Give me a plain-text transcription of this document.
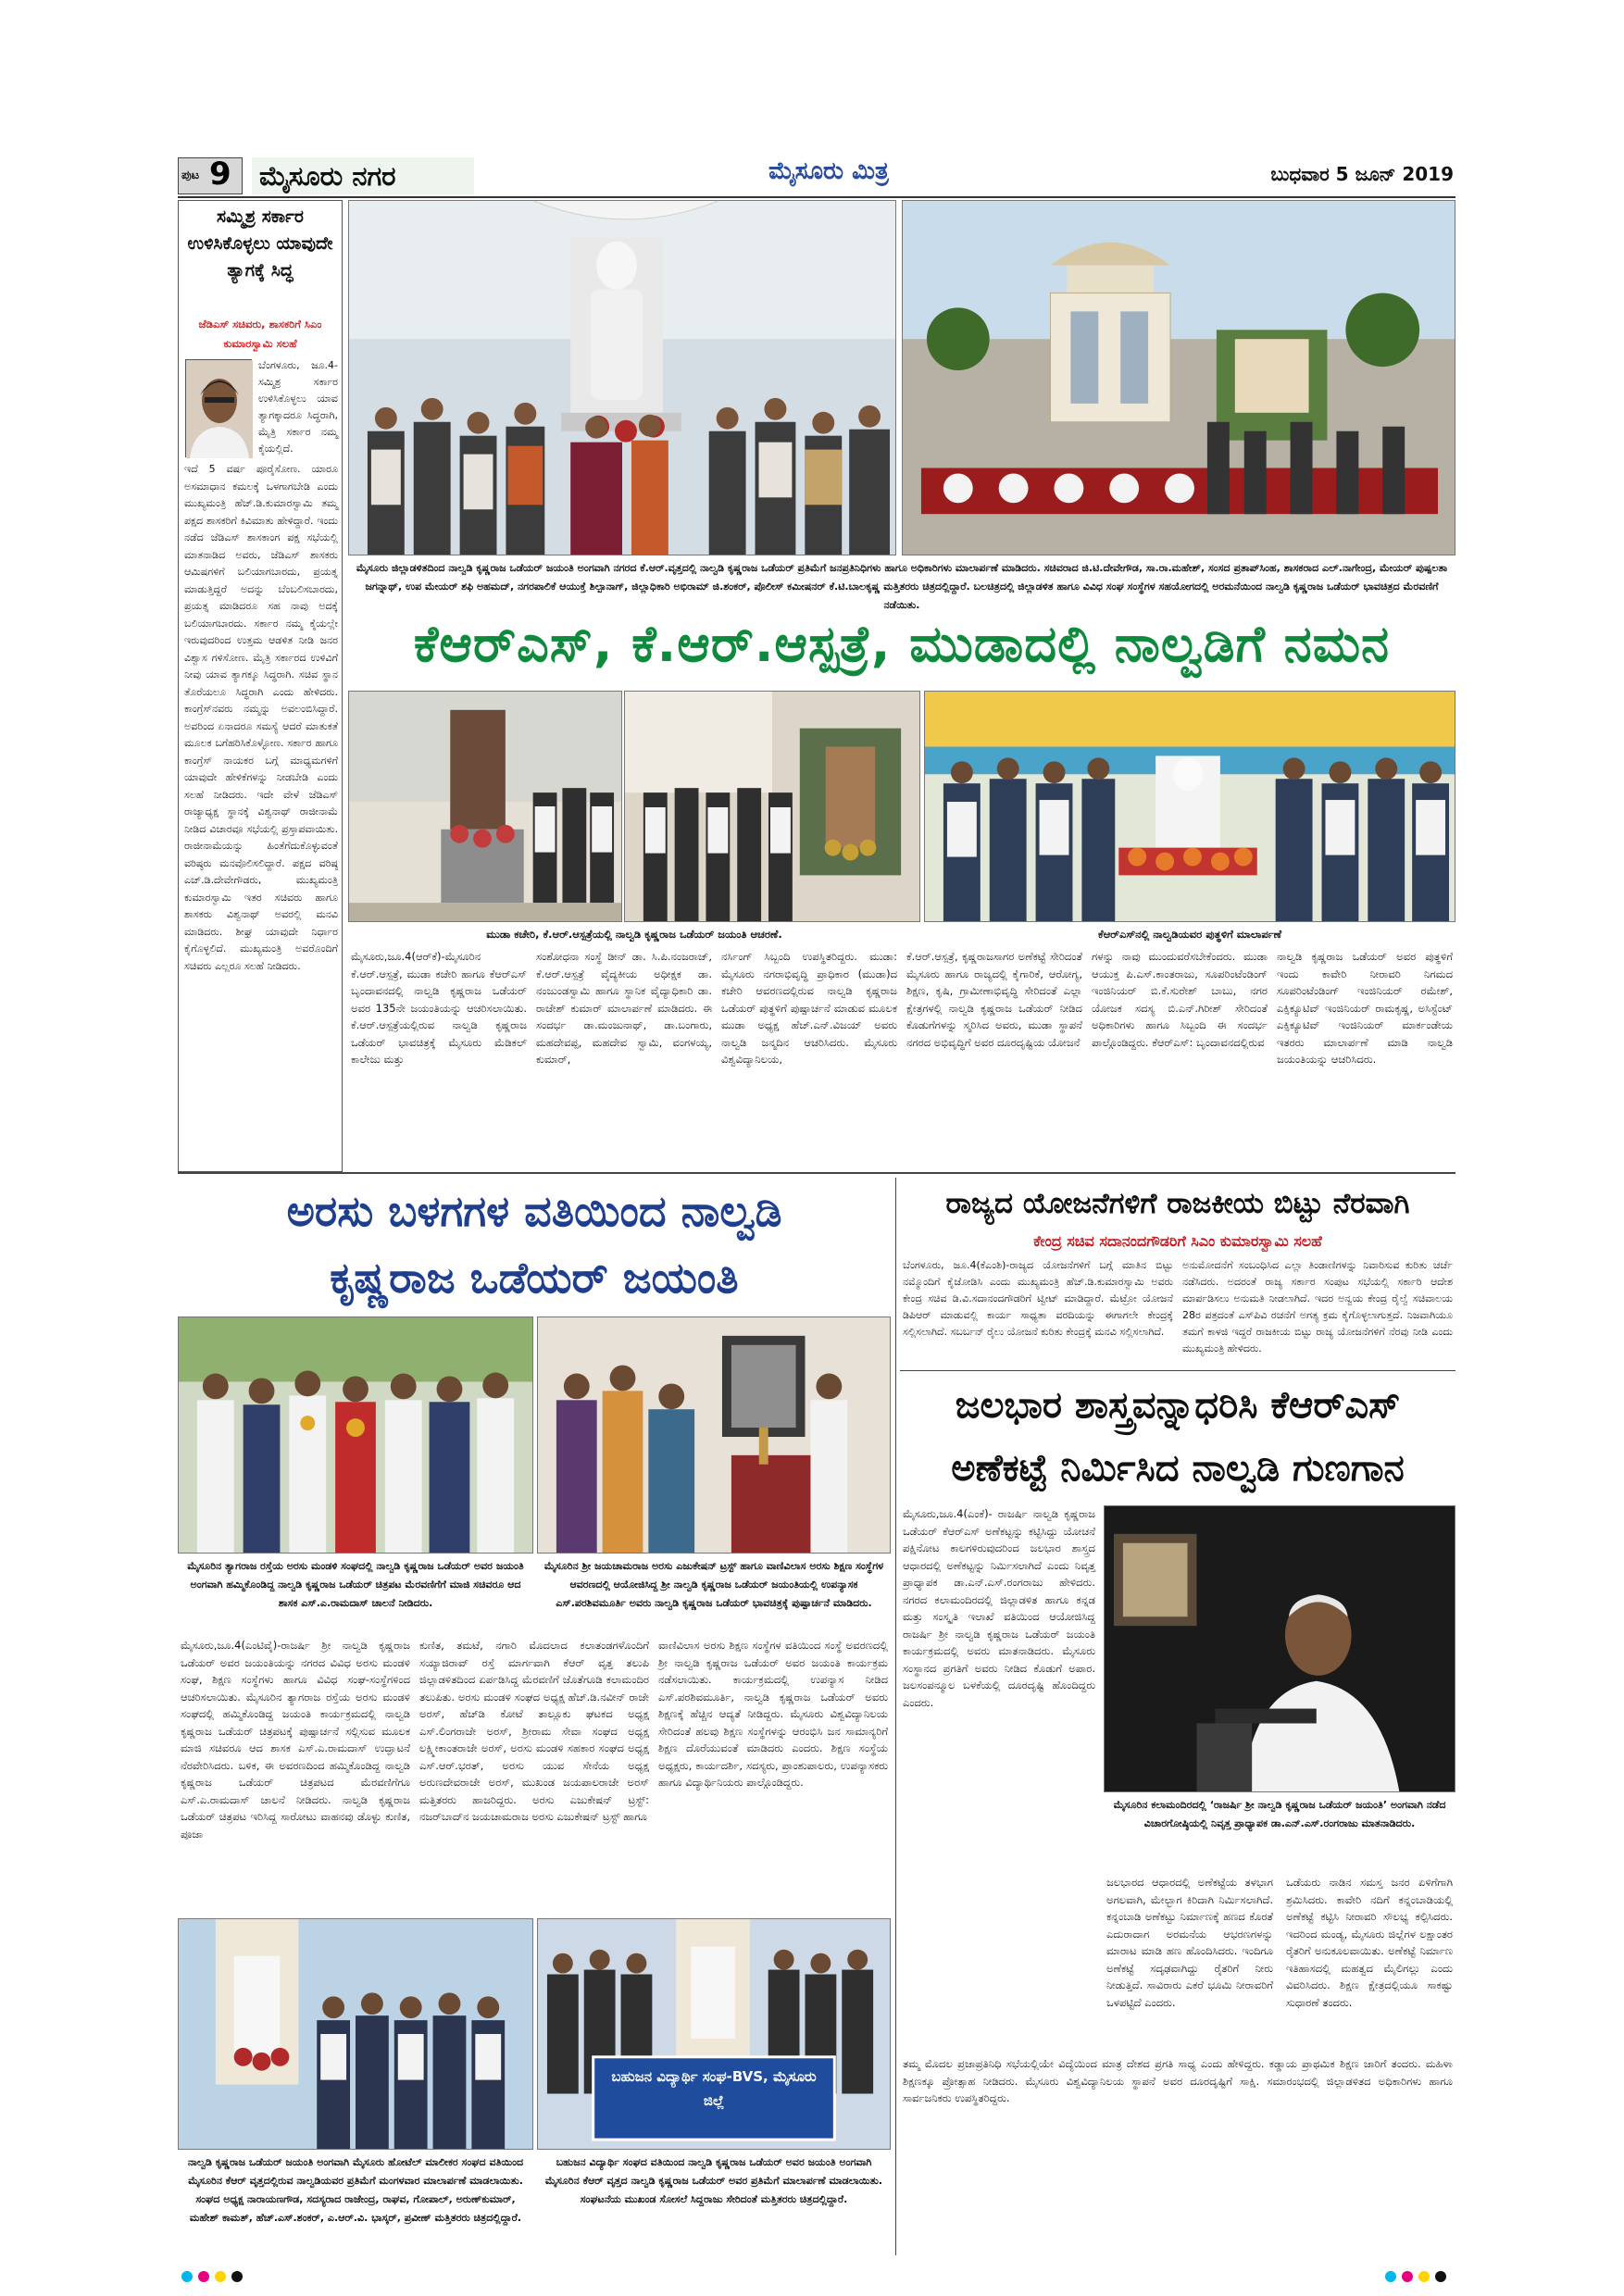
ಪುಟ 9 ಮೈಸೂರು ನಗರ	ಮೈಸೂರು ಮಿತ್ರ	ಬುಧವಾರ 5 ಜೂನ್ 2019
ಸಮ್ಮಿಶ್ರ ಸರ್ಕಾರ ಉಳಿಸಿಕೊಳ್ಳಲು ಯಾವುದೇ ತ್ಯಾಗಕ್ಕೆ ಸಿದ್ಧ
ಜೆಡಿಎಸ್ ಸಚಿವರು, ಶಾಸಕರಿಗೆ ಸಿಎಂ ಕುಮಾರಸ್ವಾಮಿ ಸಲಹೆ
ಬೆಂಗಳೂರು, ಜೂ.4-ಸಮ್ಮಿಶ್ರ ಸರ್ಕಾರ ಉಳಿಸಿಕೊಳ್ಳಲು ಯಾವ ತ್ಯಾಗಕ್ಕಾದರೂ ಸಿದ್ಧರಾಗಿ, ಮೈತ್ರಿ ಸರ್ಕಾರ ನಮ್ಮ ಕೈಯಲ್ಲಿದೆ.
ಇದೆ 5 ವರ್ಷ ಪೂರೈಸೋಣ. ಯಾರೂ ಅಸಮಾಧಾನ ಕಮಲಕ್ಕೆ ಒಳಗಾಗಬೇಡಿ ಎಂದು ಮುಖ್ಯಮಂತ್ರಿ ಹೆಚ್.ಡಿ.ಕುಮಾರಸ್ವಾಮಿ ತಮ್ಮ ಪಕ್ಷದ ಶಾಸಕರಿಗೆ ಕಿವಿಮಾತು ಹೇಳಿದ್ದಾರೆ. ಇಂದು ನಡೆದ ಜೆಡಿಎಸ್ ಶಾಸಕಾಂಗ ಪಕ್ಷ ಸಭೆಯಲ್ಲಿ ಮಾತನಾಡಿದ ಅವರು, ಜೆಡಿಎಸ್ ಶಾಸಕರು ಆಮಿಷಗಳಿಗೆ ಬಲಿಯಾಗಬಾರದು, ಪ್ರಯತ್ನ ಮಾಡುತ್ತಿದ್ದರೆ ಅದನ್ನು ಬೆಂಬಲಿಸಬಾರದು, ಪ್ರಯತ್ನ ಮಾಡಿದರೂ ಸಹ ನಾವು ಅದಕ್ಕೆ ಬಲಿಯಾಗಬಾರದು. ಸರ್ಕಾರ ನಮ್ಮ ಕೈಯಲ್ಲೇ ಇರುವುದರಿಂದ ಉತ್ತಮ ಆಡಳಿತ ನೀಡಿ ಜನರ ವಿಶ್ವಾಸ ಗಳಿಸೋಣ. ಮೈತ್ರಿ ಸರ್ಕಾರದ ಉಳಿವಿಗೆ ನೀವು ಯಾವ ತ್ಯಾಗಕ್ಕೂ ಸಿದ್ಧರಾಗಿ. ಸಚಿವ ಸ್ಥಾನ ತೊರೆಯಲೂ ಸಿದ್ಧರಾಗಿ ಎಂದು ಹೇಳಿದರು. ಕಾಂಗ್ರೆಸ್‌ನವರು ನಮ್ಮನ್ನು ಅವಲಂಬಿಸಿದ್ದಾರೆ. ಅವರಿಂದ ಏನಾದರೂ ಸಮಸ್ಯೆ ಆದರೆ ಮಾತುಕತೆ ಮೂಲಕ ಬಗೆಹರಿಸಿಕೊಳ್ಳೋಣ. ಸರ್ಕಾರ ಹಾಗೂ ಕಾಂಗ್ರೆಸ್ ನಾಯಕರ ಬಗ್ಗೆ ಮಾಧ್ಯಮಗಳಿಗೆ ಯಾವುದೇ ಹೇಳಿಕೆಗಳನ್ನು ನೀಡಬೇಡಿ ಎಂದು ಸಲಹೆ ನೀಡಿದರು. ಇದೇ ವೇಳೆ ಜೆಡಿಎಸ್ ರಾಜ್ಯಾಧ್ಯಕ್ಷ ಸ್ಥಾನಕ್ಕೆ ವಿಶ್ವನಾಥ್ ರಾಜೀನಾಮೆ ನೀಡಿದ ವಿಚಾರವೂ ಸಭೆಯಲ್ಲಿ ಪ್ರಸ್ತಾಪವಾಯಿತು. ರಾಜೀನಾಮೆಯನ್ನು ಹಿಂತೆಗೆದುಕೊಳ್ಳುವಂತೆ ವರಿಷ್ಠರು ಮನವೊಲಿಸಲಿದ್ದಾರೆ. ಪಕ್ಷದ ವರಿಷ್ಠ ಎಚ್.ಡಿ.ದೇವೇಗೌಡರು, ಮುಖ್ಯಮಂತ್ರಿ ಕುಮಾರಸ್ವಾಮಿ ಇತರ ಸಚಿವರು ಹಾಗೂ ಶಾಸಕರು ವಿಶ್ವನಾಥ್ ಅವರಲ್ಲಿ ಮನವಿ ಮಾಡಿದರು. ಶೀಘ್ರ ಯಾವುದೇ ನಿರ್ಧಾರ ಕೈಗೊಳ್ಳಲಿದೆ. ಮುಖ್ಯಮಂತ್ರಿ ಅವರೊಂದಿಗೆ ಸಚಿವರು ಎಲ್ಲರೂ ಸಲಹೆ ನೀಡಿದರು.
ಮೈಸೂರು ಜಿಲ್ಲಾಡಳಿತದಿಂದ ನಾಲ್ವಡಿ ಕೃಷ್ಣರಾಜ ಒಡೆಯರ್ ಜಯಂತಿ ಅಂಗವಾಗಿ ನಗರದ ಕೆ.ಆರ್.ವೃತ್ತದಲ್ಲಿ ನಾಲ್ವಡಿ ಕೃಷ್ಣರಾಜ ಒಡೆಯರ್ ಪ್ರತಿಮೆಗೆ ಜನಪ್ರತಿನಿಧಿಗಳು ಹಾಗೂ ಅಧಿಕಾರಿಗಳು ಮಾಲಾರ್ಪಣೆ ಮಾಡಿದರು. ಸಚಿವರಾದ ಜಿ.ಟಿ.ದೇವೇಗೌಡ, ಸಾ.ರಾ.ಮಹೇಶ್, ಸಂಸದ ಪ್ರತಾಪ್‌ಸಿಂಹ, ಶಾಸಕರಾದ ಎಲ್.ನಾಗೇಂದ್ರ, ಮೇಯರ್ ಪುಷ್ಪಲತಾ ಜಗನ್ನಾಥ್, ಉಪ ಮೇಯರ್ ಶಫಿ ಅಹಮದ್, ನಗರಪಾಲಿಕೆ ಆಯುಕ್ತೆ ಶಿಲ್ಪಾನಾಗ್, ಜಿಲ್ಲಾಧಿಕಾರಿ ಅಭಿರಾಮ್ ಜಿ.ಶಂಕರ್, ಪೊಲೀಸ್ ಕಮೀಷನರ್ ಕೆ.ಟಿ.ಬಾಲಕೃಷ್ಣ ಮತ್ತಿತರರು ಚಿತ್ರದಲ್ಲಿದ್ದಾರೆ. ಬಲಚಿತ್ರದಲ್ಲಿ ಜಿಲ್ಲಾಡಳಿತ ಹಾಗೂ ವಿವಿಧ ಸಂಘ ಸಂಸ್ಥೆಗಳ ಸಹಯೋಗದಲ್ಲಿ ಅರಮನೆಯಿಂದ ನಾಲ್ವಡಿ ಕೃಷ್ಣರಾಜ ಒಡೆಯರ್ ಭಾವಚಿತ್ರದ ಮೆರವಣಿಗೆ ನಡೆಯಿತು.
ಕೆಆರ್‌ಎಸ್, ಕೆ.ಆರ್.ಆಸ್ಪತ್ರೆ, ಮುಡಾದಲ್ಲಿ ನಾಲ್ವಡಿಗೆ ನಮನ
ಮುಡಾ ಕಚೇರಿ, ಕೆ.ಆರ್.ಆಸ್ಪತ್ರೆಯಲ್ಲಿ ನಾಲ್ವಡಿ ಕೃಷ್ಣರಾಜ ಒಡೆಯರ್ ಜಯಂತಿ ಆಚರಣೆ.	ಕೆಆರ್‌ಎಸ್‌ನಲ್ಲಿ ನಾಲ್ವಡಿಯವರ ಪುತ್ಥಳಿಗೆ ಮಾಲಾರ್ಪಣೆ
ಮೈಸೂರು,ಜೂ.4(ಆರ್‌ಕೆ)-ಮೈಸೂರಿನ ಕೆ.ಆರ್.ಆಸ್ಪತ್ರೆ, ಮುಡಾ ಕಚೇರಿ ಹಾಗೂ ಕೆಆರ್‌ಎಸ್ ಬೃಂದಾವನದಲ್ಲಿ ನಾಲ್ವಡಿ ಕೃಷ್ಣರಾಜ ಒಡೆಯರ್ ಅವರ 135ನೇ ಜಯಂತಿಯನ್ನು ಆಚರಿಸಲಾಯಿತು. ಕೆ.ಆರ್.ಆಸ್ಪತ್ರೆಯಲ್ಲಿರುವ ನಾಲ್ವಡಿ ಕೃಷ್ಣರಾಜ ಒಡೆಯರ್ ಭಾವಚಿತ್ರಕ್ಕೆ ಮೈಸೂರು ಮೆಡಿಕಲ್ ಕಾಲೇಜು ಮತ್ತು
ಸಂಶೋಧನಾ ಸಂಸ್ಥೆ ಡೀನ್ ಡಾ. ಸಿ.ಪಿ.ನಂಜರಾಜ್, ಕೆ.ಆರ್.ಆಸ್ಪತ್ರೆ ವೈದ್ಯಕೀಯ ಅಧೀಕ್ಷಕ ಡಾ. ನಂಜುಂಡಸ್ವಾಮಿ ಹಾಗೂ ಸ್ಥಾನಿಕ ವೈದ್ಯಾಧಿಕಾರಿ ಡಾ. ರಾಜೇಶ್ ಕುಮಾರ್ ಮಾಲಾರ್ಪಣೆ ಮಾಡಿದರು. ಈ ಸಂದರ್ಭ ಡಾ.ಮಂಜುನಾಥ್, ಡಾ.ಬಂಗಾರು, ಮಹದೇವಪ್ಪ, ಮಹದೇವ ಸ್ವಾಮಿ, ವಂಗಳಯ್ಯ, ಕುಮಾರ್,
ನರ್ಸಿಂಗ್ ಸಿಬ್ಬಂದಿ ಉಪಸ್ಥಿತರಿದ್ದರು. ಮುಡಾ: ಮೈಸೂರು ನಗರಾಭಿವೃದ್ಧಿ ಪ್ರಾಧಿಕಾರ (ಮುಡಾ)ದ ಕಚೇರಿ ಆವರಣದಲ್ಲಿರುವ ನಾಲ್ವಡಿ ಕೃಷ್ಣರಾಜ ಒಡೆಯರ್ ಪುತ್ಥಳಿಗೆ ಪುಷ್ಪಾರ್ಚನೆ ಮಾಡುವ ಮೂಲಕ ಮುಡಾ ಅಧ್ಯಕ್ಷ ಹೆಚ್.ಎನ್.ವಿಜಯ್ ಅವರು ನಾಲ್ವಡಿ ಜನ್ಮದಿನ ಆಚರಿಸಿದರು. ಮೈಸೂರು ವಿಶ್ವವಿದ್ಯಾನಿಲಯ,
ಕೆ.ಆರ್.ಆಸ್ಪತ್ರೆ, ಕೃಷ್ಣರಾಜಸಾಗರ ಅಣೆಕಟ್ಟೆ ಸೇರಿದಂತೆ ಮೈಸೂರು ಹಾಗೂ ರಾಜ್ಯದಲ್ಲಿ ಕೈಗಾರಿಕೆ, ಆರೋಗ್ಯ, ಶಿಕ್ಷಣ, ಕೃಷಿ, ಗ್ರಾಮೀಣಾಭಿವೃದ್ಧಿ ಸೇರಿದಂತೆ ಎಲ್ಲಾ ಕ್ಷೇತ್ರಗಳಲ್ಲಿ ನಾಲ್ವಡಿ ಕೃಷ್ಣರಾಜ ಒಡೆಯರ್ ನೀಡಿದ ಕೊಡುಗೆಗಳನ್ನು ಸ್ಮರಿಸಿದ ಅವರು, ಮುಡಾ ಸ್ಥಾಪನೆ ನಗರದ ಅಭಿವೃದ್ಧಿಗೆ ಅವರ ದೂರದೃಷ್ಟಿಯ ಯೋಜನೆ
ಗಳನ್ನು ನಾವು ಮುಂದುವರೆಸಬೇಕೆಂದರು. ಮುಡಾ ಆಯುಕ್ತ ಪಿ.ಎಸ್.ಕಾಂತರಾಜು, ಸೂಪರಿಂಟೆಂಡಿಂಗ್ ಇಂಜಿನಿಯರ್ ಬಿ.ಕೆ.ಸುರೇಶ್ ಬಾಬು, ನಗರ ಯೋಜಕ ಸದಸ್ಯ ಬಿ.ಎನ್.ಗಿರೀಶ್ ಸೇರಿದಂತೆ ಅಧಿಕಾರಿಗಳು ಹಾಗೂ ಸಿಬ್ಬಂದಿ ಈ ಸಂದರ್ಭ ಪಾಲ್ಗೊಂಡಿದ್ದರು. ಕೆಆರ್‌ಎಸ್: ಬೃಂದಾವನದಲ್ಲಿರುವ
ನಾಲ್ವಡಿ ಕೃಷ್ಣರಾಜ ಒಡೆಯರ್ ಅವರ ಪುತ್ಥಳಿಗೆ ಇಂದು ಕಾವೇರಿ ನೀರಾವರಿ ನಿಗಮದ ಸೂಪರಿಂಟೆಂಡಿಂಗ್ ಇಂಜಿನಿಯರ್ ರಮೇಶ್, ಎಕ್ಸಿಕ್ಯೂಟಿವ್ ಇಂಜಿನಿಯರ್ ರಾಮಕೃಷ್ಣ, ಅಸಿಸ್ಟೆಂಟ್ ಎಕ್ಸಿಕ್ಯೂಟಿವ್ ಇಂಜಿನಿಯರ್ ಮಾರ್ಕಂಡೇಯ ಇತರರು ಮಾಲಾರ್ಪಣೆ ಮಾಡಿ ನಾಲ್ವಡಿ ಜಯಂತಿಯನ್ನು ಆಚರಿಸಿದರು.
ಅರಸು ಬಳಗಗಳ ವತಿಯಿಂದ ನಾಲ್ವಡಿ
ಕೃಷ್ಣರಾಜ ಒಡೆಯರ್ ಜಯಂತಿ
ಮೈಸೂರಿನ ತ್ಯಾಗರಾಜ ರಸ್ತೆಯ ಅರಸು ಮಂಡಳಿ ಸಂಘದಲ್ಲಿ ನಾಲ್ವಡಿ ಕೃಷ್ಣರಾಜ ಒಡೆಯರ್ ಅವರ ಜಯಂತಿ ಅಂಗವಾಗಿ ಹಮ್ಮಿಕೊಂಡಿದ್ದ ನಾಲ್ವಡಿ ಕೃಷ್ಣರಾಜ ಒಡೆಯರ್ ಚಿತ್ರಪಟ ಮೆರವಣಿಗೆಗೆ ಮಾಜಿ ಸಚಿವರೂ ಆದ ಶಾಸಕ ಎಸ್.ಎ.ರಾಮದಾಸ್ ಚಾಲನೆ ನೀಡಿದರು.
ಮೈಸೂರಿನ ಶ್ರೀ ಜಯಚಾಮರಾಜ ಅರಸು ಎಜುಕೇಷನ್ ಟ್ರಸ್ಟ್ ಹಾಗೂ ವಾಣಿವಿಲಾಸ ಅರಸು ಶಿಕ್ಷಣ ಸಂಸ್ಥೆಗಳ ಆವರಣದಲ್ಲಿ ಆಯೋಜಿಸಿದ್ದ ಶ್ರೀ ನಾಲ್ವಡಿ ಕೃಷ್ಣರಾಜ ಒಡೆಯರ್ ಜಯಂತಿಯಲ್ಲಿ ಉಪನ್ಯಾಸಕ ಎಸ್.ಪರಶಿವಮೂರ್ತಿ ಅವರು ನಾಲ್ವಡಿ ಕೃಷ್ಣರಾಜ ಒಡೆಯರ್ ಭಾವಚಿತ್ರಕ್ಕೆ ಪುಷ್ಪಾರ್ಚನೆ ಮಾಡಿದರು.
ಮೈಸೂರು,ಜೂ.4(ಎಂಟಿವೈ)-ರಾಜರ್ಷಿ ಶ್ರೀ ನಾಲ್ವಡಿ ಕೃಷ್ಣರಾಜ ಒಡೆಯರ್ ಅವರ ಜಯಂತಿಯನ್ನು ನಗರದ ವಿವಿಧ ಅರಸು ಮಂಡಳಿ ಸಂಘ, ಶಿಕ್ಷಣ ಸಂಸ್ಥೆಗಳು ಹಾಗೂ ವಿವಿಧ ಸಂಘ-ಸಂಸ್ಥೆಗಳಿಂದ ಆಚರಿಸಲಾಯಿತು. ಮೈಸೂರಿನ ತ್ಯಾಗರಾಜ ರಸ್ತೆಯ ಅರಸು ಮಂಡಳಿ ಸಂಘದಲ್ಲಿ ಹಮ್ಮಿಕೊಂಡಿದ್ದ ಜಯಂತಿ ಕಾರ್ಯಕ್ರಮದಲ್ಲಿ ನಾಲ್ವಡಿ ಕೃಷ್ಣರಾಜ ಒಡೆಯರ್ ಚಿತ್ರಪಟಕ್ಕೆ ಪುಷ್ಪಾರ್ಚನೆ ಸಲ್ಲಿಸುವ ಮೂಲಕ ಮಾಜಿ ಸಚಿವರೂ ಆದ ಶಾಸಕ ಎಸ್.ಎ.ರಾಮದಾಸ್ ಉದ್ಘಾಟನೆ ನೆರವೇರಿಸಿದರು. ಬಳಿಕ, ಈ ಅವರಣದಿಂದ ಹಮ್ಮಿಕೊಂಡಿದ್ದ ನಾಲ್ವಡಿ ಕೃಷ್ಣರಾಜ ಒಡೆಯರ್ ಚಿತ್ರಪಟದ ಮೆರವಣಿಗೆಗೂ ಎಸ್.ಎ.ರಾಮದಾಸ್ ಚಾಲನೆ ನೀಡಿದರು. ನಾಲ್ವಡಿ ಕೃಷ್ಣರಾಜ ಒಡೆಯರ್ ಚಿತ್ರಪಟ ಇರಿಸಿದ್ದ ಸಾರೋಟು ವಾಹನವು ಡೊಳ್ಳು ಕುಣಿತ, ಪೂಜಾ
ಕುಣಿತ, ತಮಟೆ, ನಗಾರಿ ಮೊದಲಾದ ಕಲಾತಂಡಗಳೊಂದಿಗೆ ಸಯ್ಯಾಜಿರಾವ್ ರಸ್ತೆ ಮಾರ್ಗವಾಗಿ ಕೆಆರ್ ವೃತ್ತ ತಲುಪಿ ಜಿಲ್ಲಾಡಳಿತದಿಂದ ಏರ್ಪಡಿಸಿದ್ದ ಮೆರವಣಿಗೆ ಜೊತೆಗೂಡಿ ಕಲಾಮಂದಿರ ತಲುಪಿತು. ಅರಸು ಮಂಡಳಿ ಸಂಘದ ಅಧ್ಯಕ್ಷ ಹೆಚ್.ಡಿ.ನವೀನ್ ರಾಜೇ ಅರಸ್, ಹೆಚ್‌ಡಿ ಕೋಟೆ ತಾಲ್ಲೂಕು ಘಟಕದ ಅಧ್ಯಕ್ಷ ಎಸ್.ಲಿಂಗರಾಜೇ ಅರಸ್, ಶ್ರೀರಾಮ ಸೇವಾ ಸಂಘದ ಅಧ್ಯಕ್ಷ ಲಕ್ಷ್ಮೀಕಾಂತರಾಜೇ ಅರಸ್, ಅರಸು ಮಂಡಳಿ ಸಹಕಾರ ಸಂಘದ ಅಧ್ಯಕ್ಷ ಎಸ್.ಆರ್.ಭರತ್, ಅರಸು ಯುವ ಸೇನೆಯ ಅಧ್ಯಕ್ಷ ಅರುಣದೇವರಾಜೇ ಅರಸ್, ಮುಖಂಡ ಜಯಪಾಲರಾಜೇ ಅರಸ್ ಮತ್ತಿತರರು ಹಾಜರಿದ್ದರು. ಅರಸು ಎಜುಕೇಷನ್ ಟ್ರಸ್ಟ್: ನಜರ್‌ಬಾದ್‌ನ ಜಯಚಾಮರಾಜ ಅರಸು ಎಜುಕೇಷನ್ ಟ್ರಸ್ಟ್ ಹಾಗೂ
ವಾಣಿವಿಲಾಸ ಅರಸು ಶಿಕ್ಷಣ ಸಂಸ್ಥೆಗಳ ವತಿಯಿಂದ ಸಂಸ್ಥೆ ಅವರಣದಲ್ಲಿ ಶ್ರೀ ನಾಲ್ವಡಿ ಕೃಷ್ಣರಾಜ ಒಡೆಯರ್ ಅವರ ಜಯಂತಿ ಕಾರ್ಯಕ್ರಮ ನಡೆಸಲಾಯಿತು. ಕಾರ್ಯಕ್ರಮದಲ್ಲಿ ಉಪನ್ಯಾಸ ನೀಡಿದ ಎಸ್.ಪರಶಿವಮೂರ್ತಿ, ನಾಲ್ವಡಿ ಕೃಷ್ಣರಾಜ ಒಡೆಯರ್ ಅವರು ಶಿಕ್ಷಣಕ್ಕೆ ಹೆಚ್ಚಿನ ಆದ್ಯತೆ ನೀಡಿದ್ದರು. ಮೈಸೂರು ವಿಶ್ವವಿದ್ಯಾನಿಲಯ ಸೇರಿದಂತೆ ಹಲವು ಶಿಕ್ಷಣ ಸಂಸ್ಥೆಗಳನ್ನು ಆರಂಭಿಸಿ ಜನ ಸಾಮಾನ್ಯರಿಗೆ ಶಿಕ್ಷಣ ದೊರೆಯುವಂತೆ ಮಾಡಿದರು ಎಂದರು. ಶಿಕ್ಷಣ ಸಂಸ್ಥೆಯ ಅಧ್ಯಕ್ಷರು, ಕಾರ್ಯದರ್ಶಿ, ಸದಸ್ಯರು, ಪ್ರಾಂಶುಪಾಲರು, ಉಪನ್ಯಾಸಕರು ಹಾಗೂ ವಿದ್ಯಾರ್ಥಿನಿಯರು ಪಾಲ್ಗೊಂಡಿದ್ದರು.
ಬಹುಜನ ವಿದ್ಯಾರ್ಥಿ ಸಂಘ-BVS, ಮೈಸೂರು ಜಿಲ್ಲೆ
ನಾಲ್ವಡಿ ಕೃಷ್ಣರಾಜ ಒಡೆಯರ್ ಜಯಂತಿ ಅಂಗವಾಗಿ ಮೈಸೂರು ಹೋಟೆಲ್ ಮಾಲೀಕರ ಸಂಘದ ವತಿಯಿಂದ ಮೈಸೂರಿನ ಕೆಆರ್ ವೃತ್ತದಲ್ಲಿರುವ ನಾಲ್ವಡಿಯವರ ಪ್ರತಿಮೆಗೆ ಮಂಗಳವಾರ ಮಾಲಾರ್ಪಣೆ ಮಾಡಲಾಯಿತು. ಸಂಘದ ಅಧ್ಯಕ್ಷ ನಾರಾಯಣಗೌಡ, ಸದಸ್ಯರಾದ ರಾಜೇಂದ್ರ, ರಾಘವ, ಗೋಪಾಲ್, ಅರುಣ್‌ಕುಮಾರ್, ಮಹೇಶ್ ಕಾಮತ್, ಹೆಚ್.ಎಸ್.ಶಂಕರ್, ಎ.ಆರ್.ವಿ. ಭಾಸ್ಕರ್, ಪ್ರವೀಣ್ ಮತ್ತಿತರರು ಚಿತ್ರದಲ್ಲಿದ್ದಾರೆ.
ಬಹುಜನ ವಿದ್ಯಾರ್ಥಿ ಸಂಘದ ವತಿಯಿಂದ ನಾಲ್ವಡಿ ಕೃಷ್ಣರಾಜ ಒಡೆಯರ್ ಅವರ ಜಯಂತಿ ಅಂಗವಾಗಿ ಮೈಸೂರಿನ ಕೆಆರ್ ವೃತ್ತದ ನಾಲ್ವಡಿ ಕೃಷ್ಣರಾಜ ಒಡೆಯರ್ ಅವರ ಪ್ರತಿಮೆಗೆ ಮಾಲಾರ್ಪಣೆ ಮಾಡಲಾಯಿತು. ಸಂಘಟನೆಯ ಮುಖಂಡ ಸೋಸಲೆ ಸಿದ್ದರಾಜು ಸೇರಿದಂತೆ ಮತ್ತಿತರರು ಚಿತ್ರದಲ್ಲಿದ್ದಾರೆ.
ರಾಜ್ಯದ ಯೋಜನೆಗಳಿಗೆ ರಾಜಕೀಯ ಬಿಟ್ಟು ನೆರವಾಗಿ
ಕೇಂದ್ರ ಸಚಿವ ಸದಾನಂದಗೌಡರಿಗೆ ಸಿಎಂ ಕುಮಾರಸ್ವಾಮಿ ಸಲಹೆ
ಬೆಂಗಳೂರು, ಜೂ.4(ಕೆಎಂಶಿ)-ರಾಜ್ಯದ ಯೋಜನೆಗಳಿಗೆ ಬಗ್ಗೆ ಮಾತಿನ ಬಿಟ್ಟು ನಮ್ಮೊಂದಿಗೆ ಕೈಜೋಡಿಸಿ ಎಂದು ಮುಖ್ಯಮಂತ್ರಿ ಹೆಚ್.ಡಿ.ಕುಮಾರಸ್ವಾಮಿ ಅವರು ಕೇಂದ್ರ ಸಚಿವ ಡಿ.ವಿ.ಸದಾನಂದಗೌಡರಿಗೆ ಟ್ವೀಟ್ ಮಾಡಿದ್ದಾರೆ. ಮೆಟ್ರೋ ಯೋಜನೆ ಡಿಪಿಆರ್ ಮಾಡುವಲ್ಲಿ ಕಾರ್ಯ ಸಾಧ್ಯತಾ ವರದಿಯನ್ನು ಈಗಾಗಲೇ ಕೇಂದ್ರಕ್ಕೆ ಸಲ್ಲಿಸಲಾಗಿದೆ. ಸಬರ್ಬನ್ ರೈಲು ಯೋಜನೆ ಕುರಿತು ಕೇಂದ್ರಕ್ಕೆ ಮನವಿ ಸಲ್ಲಿಸಲಾಗಿದೆ.
ಅನುಮೋದನೆಗೆ ಸಂಬಂಧಿಸಿದ ಎಲ್ಲಾ ತಿಂಡಾಣಿಗಳನ್ನು ನಿವಾರಿಸುವ ಕುರಿತು ಚರ್ಚೆ ನಡೆಸಿದರು. ಅದರಂತೆ ರಾಜ್ಯ ಸರ್ಕಾರ ಸಂಪುಟ ಸಭೆಯಲ್ಲಿ ಸರ್ಕಾರಿ ಆದೇಶ ಮಾರ್ಪಡಿಸಲು ಅನುಮತಿ ನೀಡಲಾಗಿದೆ. ಇದರ ಅನ್ವಯ ಕೇಂದ್ರ ರೈಲ್ವೆ ಸಚಿವಾಲಯ 28ರ ಪತ್ರದಂತೆ ಎಸ್‌ಪಿವಿ ರಚನೆಗೆ ಅಗತ್ಯ ಕ್ರಮ ಕೈಗೊಳ್ಳಲಾಗುತ್ತದೆ. ನಿಜವಾಗಿಯೂ ತಮಗೆ ಕಾಳಜಿ ಇದ್ದರೆ ರಾಜಕೀಯ ಬಿಟ್ಟು ರಾಜ್ಯ ಯೋಜನೆಗಳಿಗೆ ನೆರವು ನೀಡಿ ಎಂದು ಮುಖ್ಯಮಂತ್ರಿ ಹೇಳಿದರು.
ಜಲಭಾರ ಶಾಸ್ತ್ರವನ್ನಾಧರಿಸಿ ಕೆಆರ್‌ಎಸ್
ಅಣೆಕಟ್ಟೆ ನಿರ್ಮಿಸಿದ ನಾಲ್ವಡಿ ಗುಣಗಾನ
ಮೈಸೂರು,ಜೂ.4(ಎಂಕೆ)- ರಾಜರ್ಷಿ ನಾಲ್ವಡಿ ಕೃಷ್ಣರಾಜ ಒಡೆಯರ್ ಕೆಆರ್‌ಎಸ್ ಅಣೆಕಟ್ಟನ್ನು ಕಟ್ಟಿಸಿದ್ದು ಯೋಚನೆ ಪಕ್ಷಿನೋಟ ಕಾಲಗಳಿರುವುದರಿಂದ ಜಲಭಾರ ಶಾಸ್ತ್ರದ ಆಧಾರದಲ್ಲಿ ಅಣೆಕಟ್ಟನ್ನು ನಿರ್ಮಿಸಲಾಗಿದೆ ಎಂದು ನಿವೃತ್ತ ಪ್ರಾಧ್ಯಾಪಕ ಡಾ.ಎನ್.ಎಸ್.ರಂಗರಾಜು ಹೇಳಿದರು. ನಗರದ ಕಲಾಮಂದಿರದಲ್ಲಿ ಜಿಲ್ಲಾಡಳಿತ ಹಾಗೂ ಕನ್ನಡ ಮತ್ತು ಸಂಸ್ಕೃತಿ ಇಲಾಖೆ ವತಿಯಿಂದ ಆಯೋಜಿಸಿದ್ದ ರಾಜರ್ಷಿ ಶ್ರೀ ನಾಲ್ವಡಿ ಕೃಷ್ಣರಾಜ ಒಡೆಯರ್ ಜಯಂತಿ ಕಾರ್ಯಕ್ರಮದಲ್ಲಿ ಅವರು ಮಾತನಾಡಿದರು. ಮೈಸೂರು ಸಂಸ್ಥಾನದ ಪ್ರಗತಿಗೆ ಅವರು ನೀಡಿದ ಕೊಡುಗೆ ಅಪಾರ. ಜಲಸಂಪನ್ಮೂಲ ಬಳಕೆಯಲ್ಲಿ ದೂರದೃಷ್ಟಿ ಹೊಂದಿದ್ದರು ಎಂದರು.
ಮೈಸೂರಿನ ಕಲಾಮಂದಿರದಲ್ಲಿ ‘ರಾಜರ್ಷಿ ಶ್ರೀ ನಾಲ್ವಡಿ ಕೃಷ್ಣರಾಜ ಒಡೆಯರ್ ಜಯಂತಿ’ ಅಂಗವಾಗಿ ನಡೆದ ವಿಚಾರಗೋಷ್ಠಿಯಲ್ಲಿ ನಿವೃತ್ತ ಪ್ರಾಧ್ಯಾಪಕ ಡಾ.ಎನ್.ಎಸ್.ರಂಗರಾಜು ಮಾತನಾಡಿದರು.
ಜಲಭಾರದ ಆಧಾರದಲ್ಲಿ ಅಣೆಕಟ್ಟೆಯ ತಳಭಾಗ ಅಗಲವಾಗಿ, ಮೇಲ್ಭಾಗ ಕಿರಿದಾಗಿ ನಿರ್ಮಿಸಲಾಗಿದೆ. ಕನ್ನಂಬಾಡಿ ಅಣೆಕಟ್ಟು ನಿರ್ಮಾಣಕ್ಕೆ ಹಣದ ಕೊರತೆ ಎದುರಾದಾಗ ಅರಮನೆಯ ಆಭರಣಗಳನ್ನು ಮಾರಾಟ ಮಾಡಿ ಹಣ ಹೊಂದಿಸಿದರು. ಇಂದಿಗೂ ಅಣೆಕಟ್ಟೆ ಸದೃಢವಾಗಿದ್ದು ರೈತರಿಗೆ ನೀರು ನೀಡುತ್ತಿದೆ. ಸಾವಿರಾರು ಎಕರೆ ಭೂಮಿ ನೀರಾವರಿಗೆ ಒಳಪಟ್ಟಿದೆ ಎಂದರು.
ಒಡೆಯರು ನಾಡಿನ ಸಮಸ್ತ ಜನರ ಏಳಿಗೆಗಾಗಿ ಶ್ರಮಿಸಿದರು. ಕಾವೇರಿ ನದಿಗೆ ಕನ್ನಂಬಾಡಿಯಲ್ಲಿ ಅಣೆಕಟ್ಟೆ ಕಟ್ಟಿಸಿ ನೀರಾವರಿ ಸೌಲಭ್ಯ ಕಲ್ಪಿಸಿದರು. ಇದರಿಂದ ಮಂಡ್ಯ, ಮೈಸೂರು ಜಿಲ್ಲೆಗಳ ಲಕ್ಷಾಂತರ ರೈತರಿಗೆ ಅನುಕೂಲವಾಯಿತು. ಅಣೆಕಟ್ಟೆ ನಿರ್ಮಾಣ ಇತಿಹಾಸದಲ್ಲಿ ಮಹತ್ವದ ಮೈಲಿಗಲ್ಲು ಎಂದು ವಿವರಿಸಿದರು. ಶಿಕ್ಷಣ ಕ್ಷೇತ್ರದಲ್ಲಿಯೂ ಸಾಕಷ್ಟು ಸುಧಾರಣೆ ತಂದರು.
ತಮ್ಮ ಮೊದಲ ಪ್ರಜಾಪ್ರತಿನಿಧಿ ಸಭೆಯಲ್ಲಿಯೇ ವಿದ್ಯೆಯಿಂದ ಮಾತ್ರ ದೇಶದ ಪ್ರಗತಿ ಸಾಧ್ಯ ಎಂದು ಹೇಳಿದ್ದರು. ಕಡ್ಡಾಯ ಪ್ರಾಥಮಿಕ ಶಿಕ್ಷಣ ಜಾರಿಗೆ ತಂದರು. ಮಹಿಳಾ ಶಿಕ್ಷಣಕ್ಕೂ ಪ್ರೋತ್ಸಾಹ ನೀಡಿದರು. ಮೈಸೂರು ವಿಶ್ವವಿದ್ಯಾನಿಲಯ ಸ್ಥಾಪನೆ ಅವರ ದೂರದೃಷ್ಟಿಗೆ ಸಾಕ್ಷಿ. ಸಮಾರಂಭದಲ್ಲಿ ಜಿಲ್ಲಾಡಳಿತದ ಅಧಿಕಾರಿಗಳು ಹಾಗೂ ಸಾರ್ವಜನಿಕರು ಉಪಸ್ಥಿತರಿದ್ದರು.
